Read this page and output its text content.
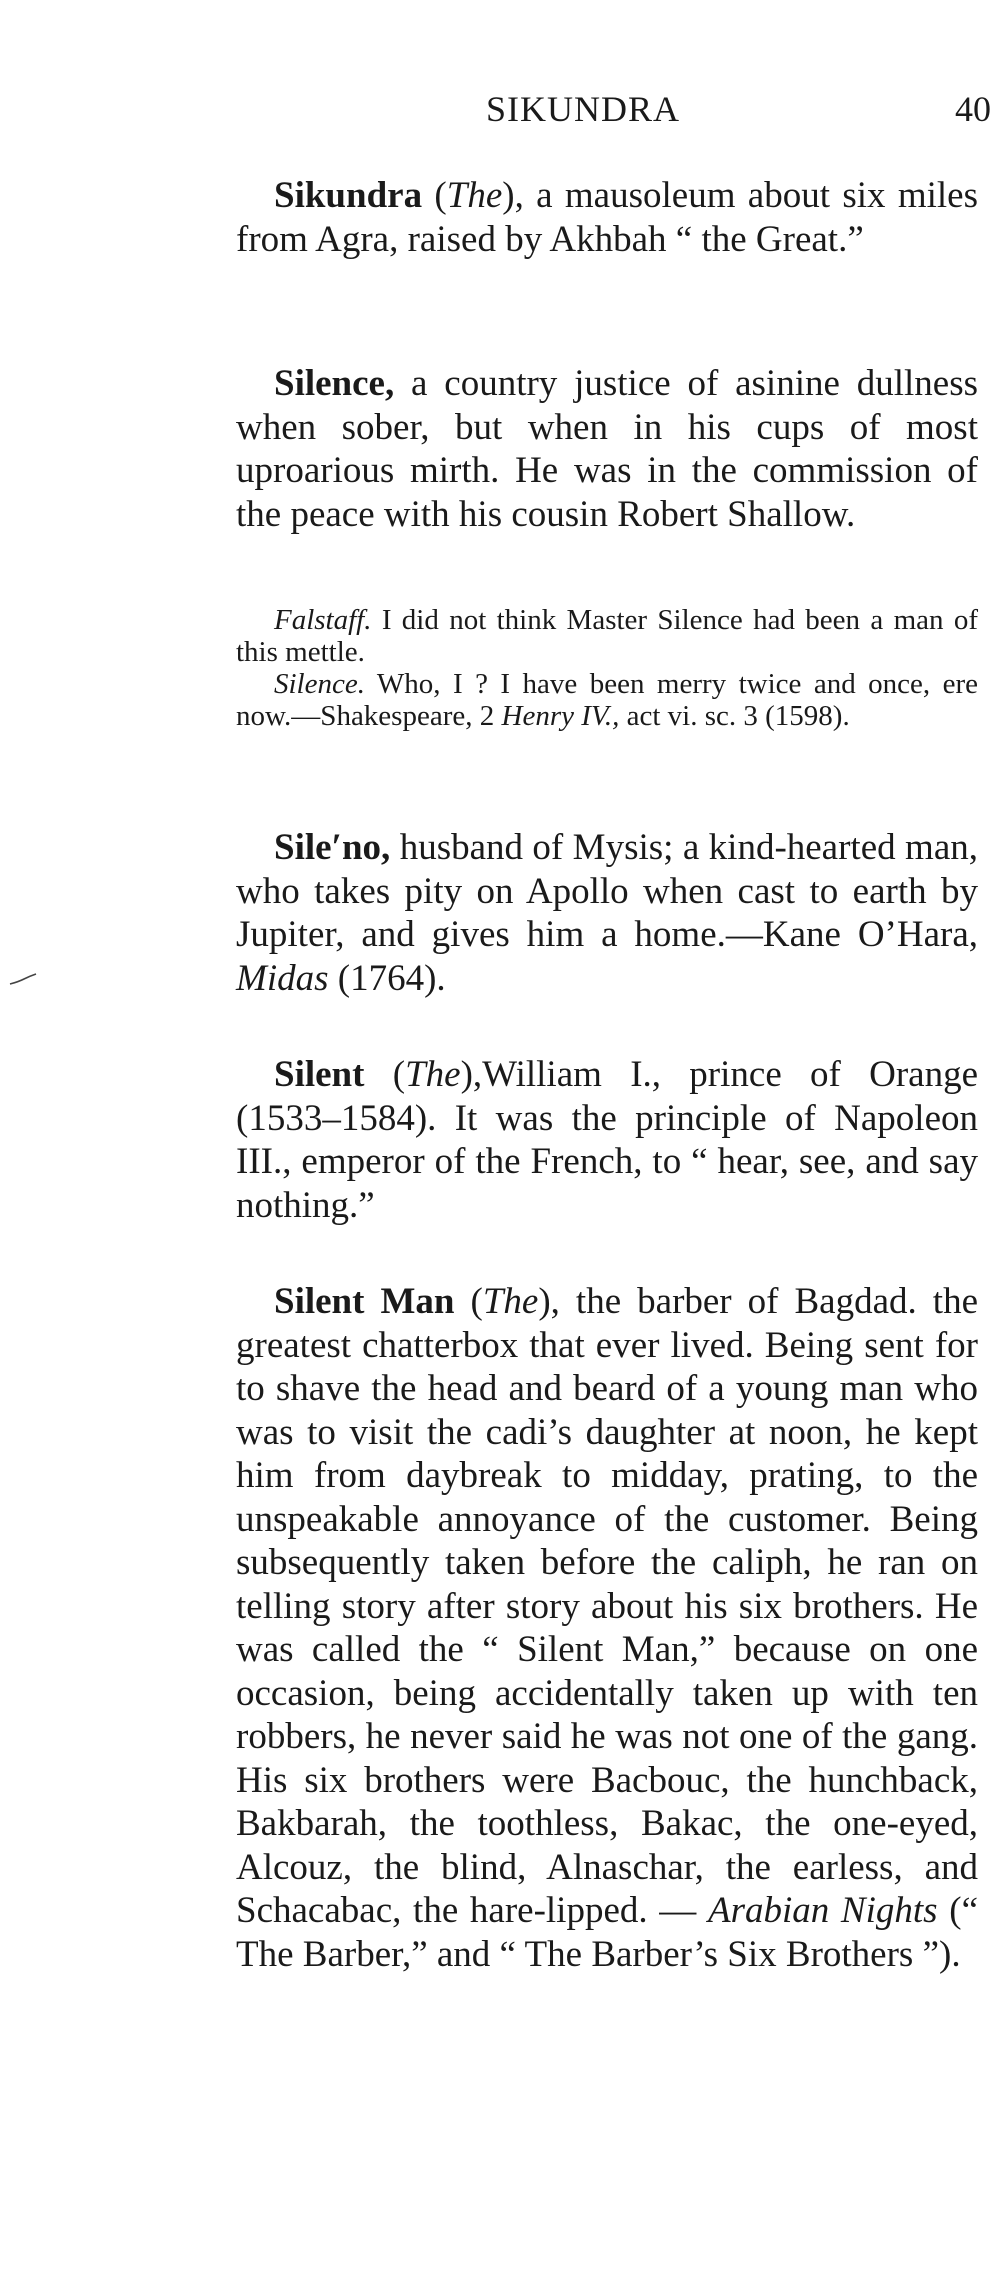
SIKUNDRA	40

Sikundra (The), a mausoleum about six miles from Agra, raised by Akhbah “ the Great.”

Silence, a country justice of asinine dullness when sober, but when in his cups of most uproarious mirth. He was in the commission of the peace with his cousin Robert Shallow.

Falstaff. I did not think Master Silence had been a man of this mettle.

Silence. Who, I ? I have been merry twice and once, ere now.—Shakespeare, 2 Henry IV., act vi. sc. 3 (1598).

Sile′no, husband of Mysis; a kind-hearted man, who takes pity on Apollo when cast to earth by Jupiter, and gives him a home.—Kane O’Hara, Midas (1764).

Silent (The),William I., prince of Orange (1533–1584). It was the principle of Napoleon III., emperor of the French, to “ hear, see, and say nothing.”

Silent Man (The), the barber of Bagdad. the greatest chatterbox that ever lived. Being sent for to shave the head and beard of a young man who was to visit the cadi’s daughter at noon, he kept him from daybreak to midday, prating, to the unspeakable annoyance of the customer. Being subsequently taken before the caliph, he ran on telling story after story about his six brothers. He was called the “ Silent Man,” because on one occasion, being accidentally taken up with ten robbers, he never said he was not one of the gang. His six brothers were Bacbouc, the hunchback, Bakbarah, the toothless, Bakac, the one-eyed, Alcouz, the blind, Alnaschar, the earless, and Schacabac, the hare-lipped. — Arabian Nights (“ The Barber,” and “ The Barber’s Six Brothers ”).
